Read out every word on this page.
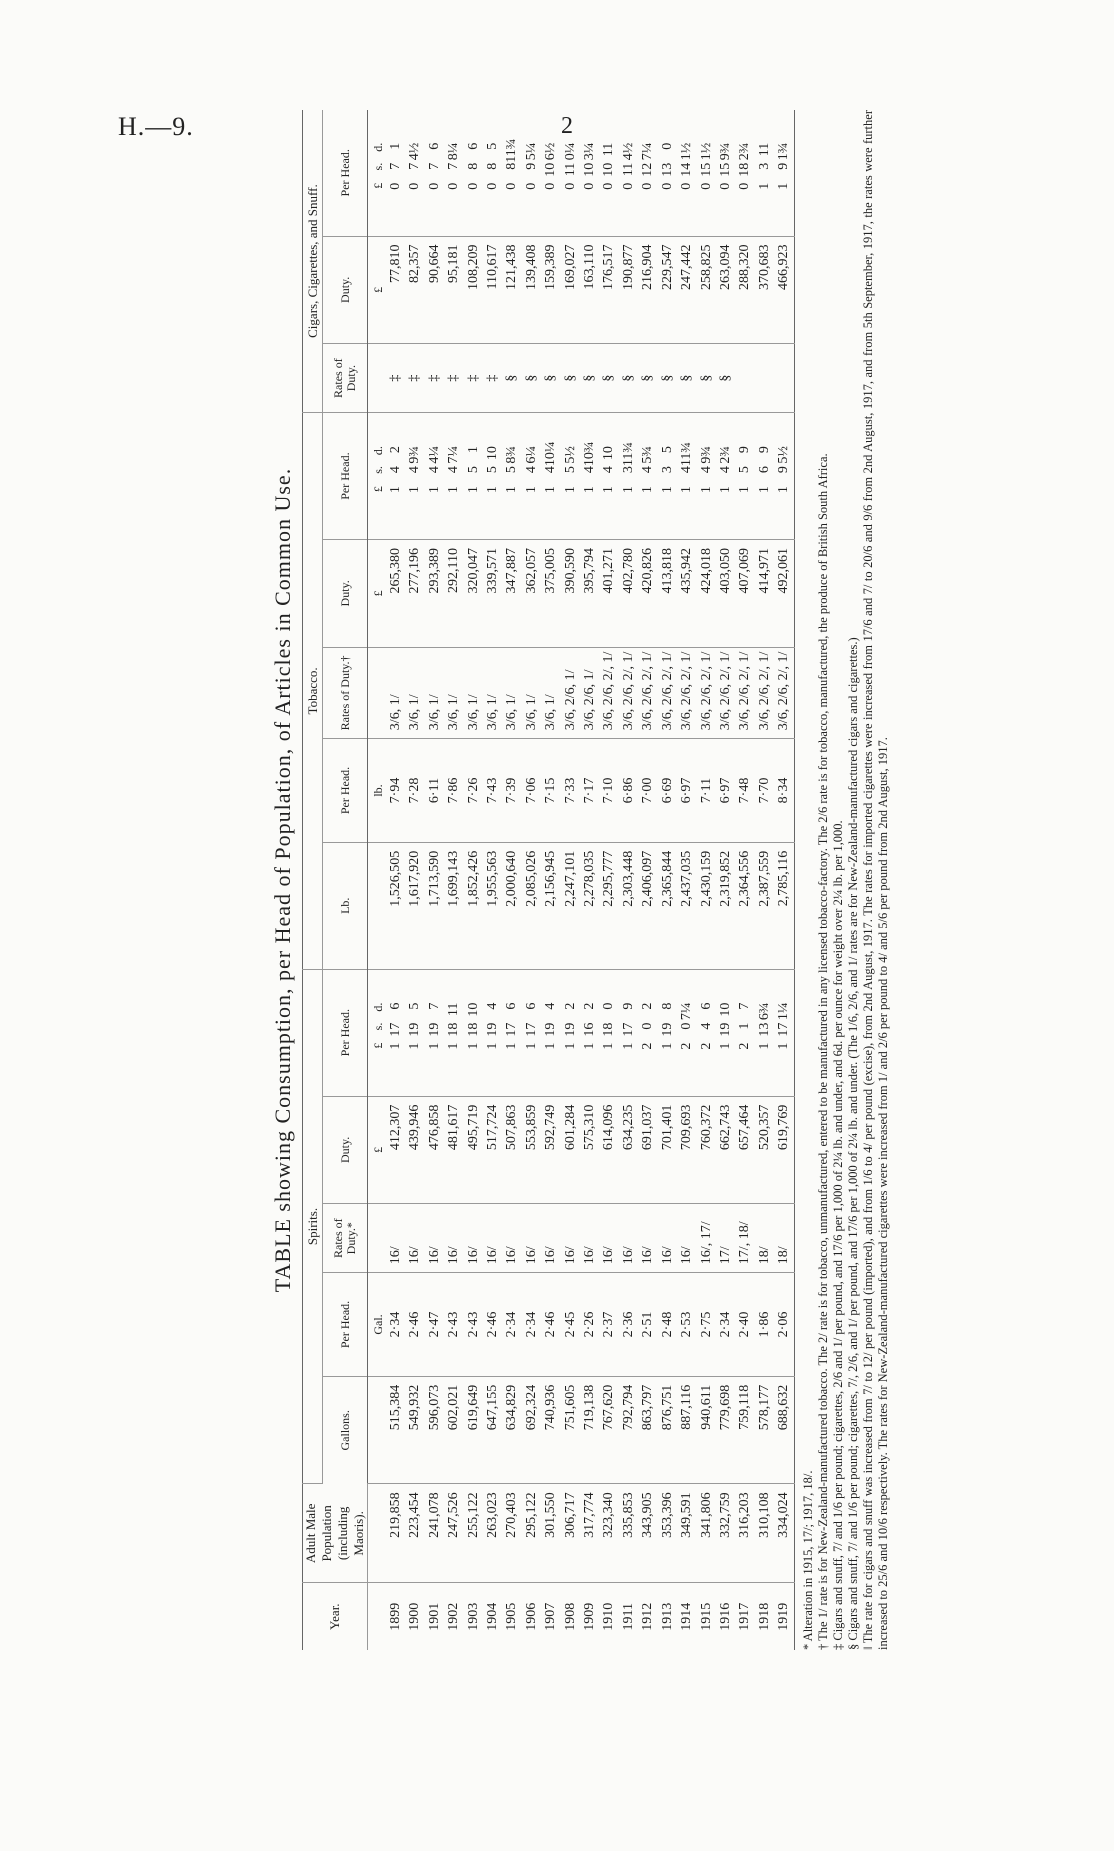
H.—9.	2
TABLE showing Consumption, per Head of Population, of Articles in Common Use.
Year.	Adult Male Population (including Maoris).	Spirits.					Tobacco.					Cigars, Cigarettes, and Snuff.		
		Gallons.	Per Head.	Rates of Duty.*	Duty.	Per Head.	Lb.	Per Head.	Rates of Duty.†	Duty.	Per Head.	Rates of Duty.	Duty.	Per Head.
			Gal.		£	£s.d.		lb.		£	£s.d.		£	£s.d.
1899	219,858	515,384	2·34	16/	412,307	1176	1,526,505	7·94	3/6, 1/	265,380	142	‡	77,810	071
1900	223,454	549,932	2·46	16/	439,946	1195	1,617,920	7·28	3/6, 1/	277,196	149¾	‡	82,357	074½
1901	241,078	596,073	2·47	16/	476,858	1197	1,713,590	6·11	3/6, 1/	293,389	144¼	‡	90,664	076
1902	247,526	602,021	2·43	16/	481,617	11811	1,699,143	7·86	3/6, 1/	292,110	147¼	‡	95,181	078¼
1903	255,122	619,649	2·43	16/	495,719	11810	1,852,426	7·26	3/6, 1/	320,047	151	‡	108,209	086
1904	263,023	647,155	2·46	16/	517,724	1194	1,955,563	7·43	3/6, 1/	339,571	1510	‡	110,617	085
1905	270,403	634,829	2·34	16/	507,863	1176	2,000,640	7·39	3/6, 1/	347,887	158¾	§	121,438	0811¾
1906	295,122	692,324	2·34	16/	553,859	1176	2,085,026	7·06	3/6, 1/	362,057	146¼	§	139,408	095¼
1907	301,550	740,936	2·46	16/	592,749	1194	2,156,945	7·15	3/6, 1/	375,005	1410¼	§	159,389	0106½
1908	306,717	751,605	2·45	16/	601,284	1192	2,247,101	7·33	3/6, 2/6, 1/	390,590	155½	§	169,027	0110¼
1909	317,774	719,138	2·26	16/	575,310	1162	2,278,035	7·17	3/6, 2/6, 1/	395,794	1410¾	§	163,110	0103¼
1910	323,340	767,620	2·37	16/	614,096	1180	2,295,777	7·10	3/6, 2/6, 2/, 1/	401,271	1410	§	176,517	01011
1911	335,853	792,794	2·36	16/	634,235	1179	2,303,448	6·86	3/6, 2/6, 2/, 1/	402,780	1311¾	§	190,877	0114½
1912	343,905	863,797	2·51	16/	691,037	202	2,406,097	7·00	3/6, 2/6, 2/, 1/	420,826	145¾	§	216,904	0127¼
1913	353,396	876,751	2·48	16/	701,401	1198	2,365,844	6·69	3/6, 2/6, 2/, 1/	413,818	135	§	229,547	0130
1914	349,591	887,116	2·53	16/	709,693	207¼	2,437,035	6·97	3/6, 2/6, 2/, 1/	435,942	1411¾	§	247,442	0141½
1915	341,806	940,611	2·75	16/, 17/	760,372	246	2,430,159	7·11	3/6, 2/6, 2/, 1/	424,018	149¾	§	258,825	0151½
1916	332,759	779,698	2·34	17/	662,743	11910	2,319,852	6·97	3/6, 2/6, 2/, 1/	403,050	142¾	§	263,094	0159¾
1917	316,203	759,118	2·40	17/, 18/	657,464	217	2,364,556	7·48	3/6, 2/6, 2/, 1/	407,069	159		288,320	0182¾
1918	310,108	578,177	1·86	18/	520,357	1136¾	2,387,559	7·70	3/6, 2/6, 2/, 1/	414,971	169		370,683	1311
1919	334,024	688,632	2·06	18/	619,769	1171¼	2,785,116	8·34	3/6, 2/6, 2/, 1/	492,061	195½		466,923	191¾

* Alteration in 1915, 17/; 1917, 18/. † The 1/ rate is for New-Zealand-manufactured tobacco. The 2/ rate is for tobacco, unmanufactured, entered to be manufactured in any licensed tobacco-factory. The 2/6 rate is for tobacco, manufactured, the produce of British South Africa. ‡ Cigars and snuff, 7/ and 1/6 per pound; cigarettes, 2/6 and 1/ per pound, and 17/6 per 1,000 of 2¼ lb. and under, and 6d. per ounce for weight over 2¼ lb. per 1,000. § Cigars and snuff, 7/ and 1/6 per pound; cigarettes, 7/, 2/6, and 1/ per pound, and 17/6 per 1,000 of 2¼ lb. and under. (The 1/6, 2/6, and 1/ rates are for New-Zealand-manufactured cigars and cigarettes.) ‖ The rate for cigars and snuff was increased from 7/ to 12/ per pound (imported), and from 1/6 to 4/ per pound (excise), from 2nd August, 1917. The rates for imported cigarettes were increased from 17/6 and 7/ to 20/6 and 9/6 from 2nd August, 1917, and from 5th September, 1917, the rates were further increased to 25/6 and 10/6 respectively. The rates for New-Zealand-manufactured cigarettes were increased from 1/ and 2/6 per pound to 4/ and 5/6 per pound from 2nd August, 1917.
